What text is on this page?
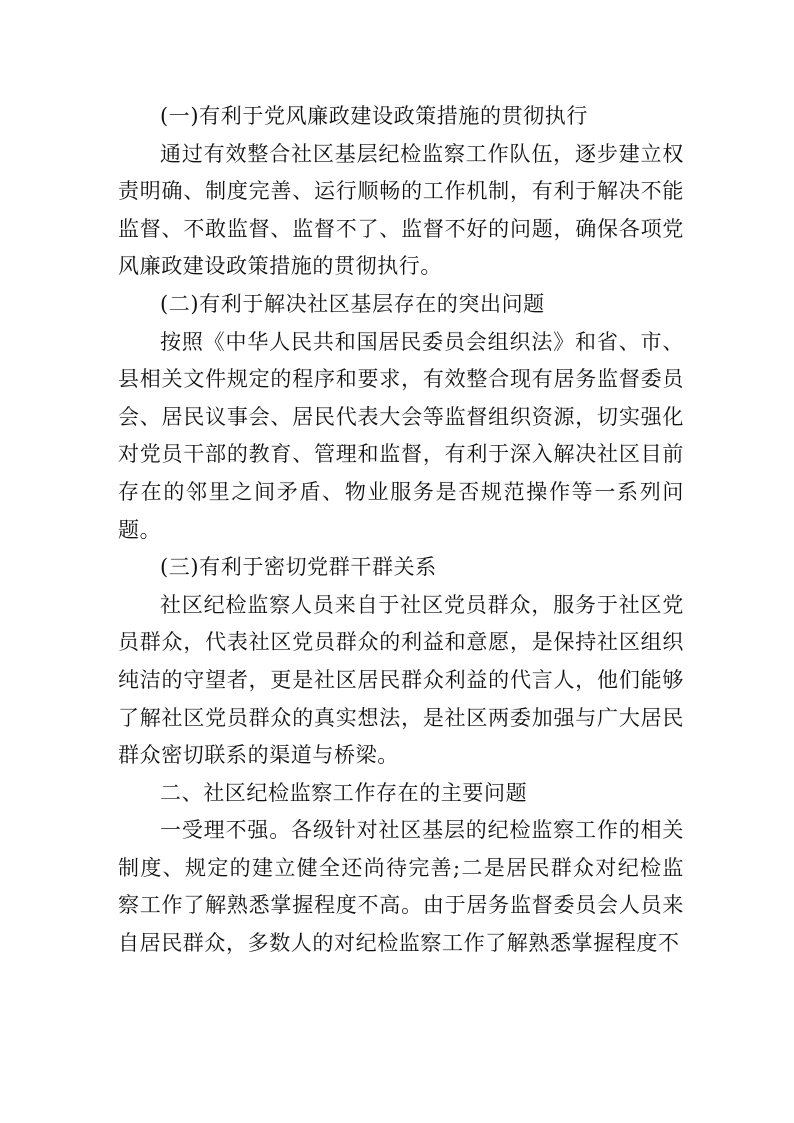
(一)有利于党风廉政建设政策措施的贯彻执行

通过有效整合社区基层纪检监察工作队伍，逐步建立权责明确、制度完善、运行顺畅的工作机制，有利于解决不能监督、不敢监督、监督不了、监督不好的问题，确保各项党风廉政建设政策措施的贯彻执行。

(二)有利于解决社区基层存在的突出问题

按照《中华人民共和国居民委员会组织法》和省、市、县相关文件规定的程序和要求，有效整合现有居务监督委员会、居民议事会、居民代表大会等监督组织资源，切实强化对党员干部的教育、管理和监督，有利于深入解决社区目前存在的邻里之间矛盾、物业服务是否规范操作等一系列问题。

(三)有利于密切党群干群关系

社区纪检监察人员来自于社区党员群众，服务于社区党员群众，代表社区党员群众的利益和意愿，是保持社区组织纯洁的守望者，更是社区居民群众利益的代言人，他们能够了解社区党员群众的真实想法，是社区两委加强与广大居民群众密切联系的渠道与桥梁。

二、社区纪检监察工作存在的主要问题

一受理不强。各级针对社区基层的纪检监察工作的相关制度、规定的建立健全还尚待完善;二是居民群众对纪检监察工作了解熟悉掌握程度不高。由于居务监督委员会人员来自居民群众，多数人的对纪检监察工作了解熟悉掌握程度不
